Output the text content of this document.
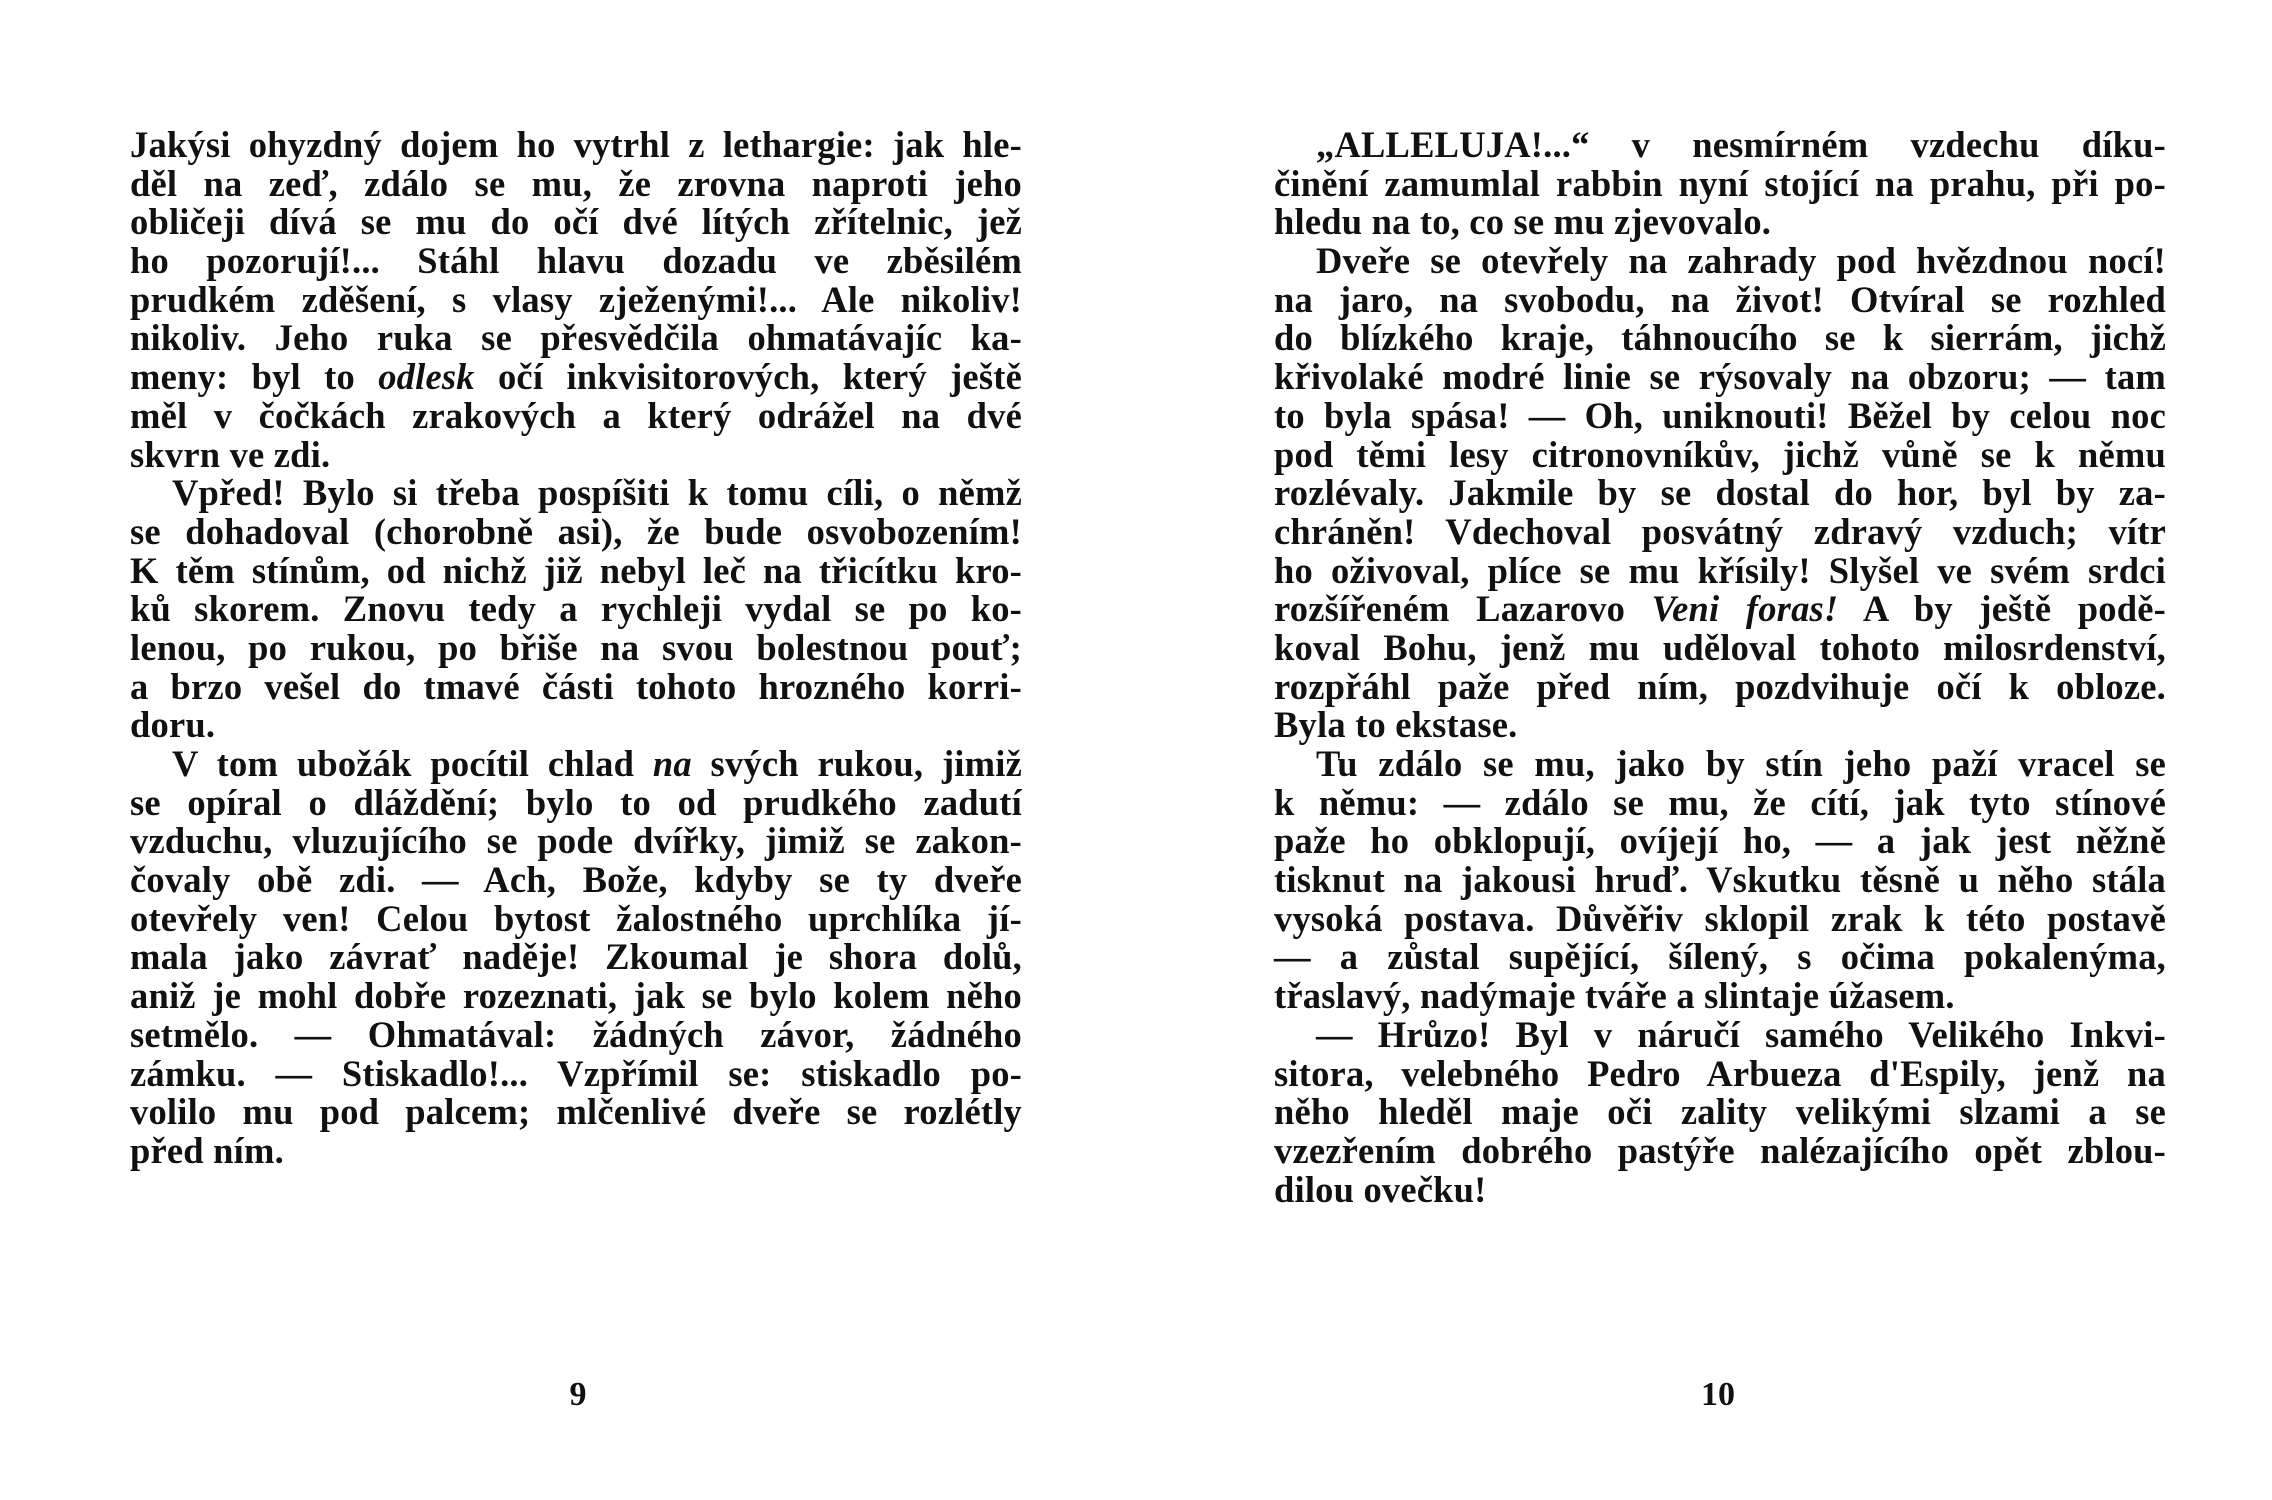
Jakýsi ohyzdný dojem ho vytrhl z lethargie: jak hle-
děl na zeď, zdálo se mu, že zrovna naproti jeho
obličeji dívá se mu do očí dvé lítých zřítelnic, jež
ho pozorují!... Stáhl hlavu dozadu ve zběsilém
prudkém zděšení, s vlasy zježenými!... Ale nikoliv!
nikoliv. Jeho ruka se přesvědčila ohmatávajíc ka-
meny: byl to odlesk očí inkvisitorových, který ještě
měl v čočkách zrakových a který odrážel na dvé
skvrn ve zdi.
Vpřed! Bylo si třeba pospíšiti k tomu cíli, o němž
se dohadoval (chorobně asi), že bude osvobozením!
K těm stínům, od nichž již nebyl leč na třicítku kro-
ků skorem. Znovu tedy a rychleji vydal se po ko-
lenou, po rukou, po břiše na svou bolestnou pouť;
a brzo vešel do tmavé části tohoto hrozného korri-
doru.
V tom ubožák pocítil chlad na svých rukou, jimiž
se opíral o dláždění; bylo to od prudkého zadutí
vzduchu, vluzujícího se pode dvířky, jimiž se zakon-
čovaly obě zdi. — Ach, Bože, kdyby se ty dveře
otevřely ven! Celou bytost žalostného uprchlíka jí-
mala jako závrať naděje! Zkoumal je shora dolů,
aniž je mohl dobře rozeznati, jak se bylo kolem něho
setmělo. — Ohmatával: žádných závor, žádného
zámku. — Stiskadlo!... Vzpřímil se: stiskadlo po-
volilo mu pod palcem; mlčenlivé dveře se rozlétly
před ním.
„ALLELUJA!...“ v nesmírném vzdechu díku-
činění zamumlal rabbin nyní stojící na prahu, při po-
hledu na to, co se mu zjevovalo.
Dveře se otevřely na zahrady pod hvězdnou nocí!
na jaro, na svobodu, na život! Otvíral se rozhled
do blízkého kraje, táhnoucího se k sierrám, jichž
křivolaké modré linie se rýsovaly na obzoru; — tam
to byla spása! — Oh, uniknouti! Běžel by celou noc
pod těmi lesy citronovníkův, jichž vůně se k němu
rozlévaly. Jakmile by se dostal do hor, byl by za-
chráněn! Vdechoval posvátný zdravý vzduch; vítr
ho oživoval, plíce se mu křísily! Slyšel ve svém srdci
rozšířeném Lazarovo Veni foras! A by ještě podě-
koval Bohu, jenž mu uděloval tohoto milosrdenství,
rozpřáhl paže před ním, pozdvihuje očí k obloze.
Byla to ekstase.
Tu zdálo se mu, jako by stín jeho paží vracel se
k němu: — zdálo se mu, že cítí, jak tyto stínové
paže ho obklopují, ovíjejí ho, — a jak jest něžně
tisknut na jakousi hruď. Vskutku těsně u něho stála
vysoká postava. Důvěřiv sklopil zrak k této postavě
— a zůstal supějící, šílený, s očima pokalenýma,
třaslavý, nadýmaje tváře a slintaje úžasem.
— Hrůzo! Byl v náručí samého Velikého Inkvi-
sitora, velebného Pedro Arbueza d'Espily, jenž na
něho hleděl maje oči zality velikými slzami a se
vzezřením dobrého pastýře nalézajícího opět zblou-
dilou ovečku!
9	10
